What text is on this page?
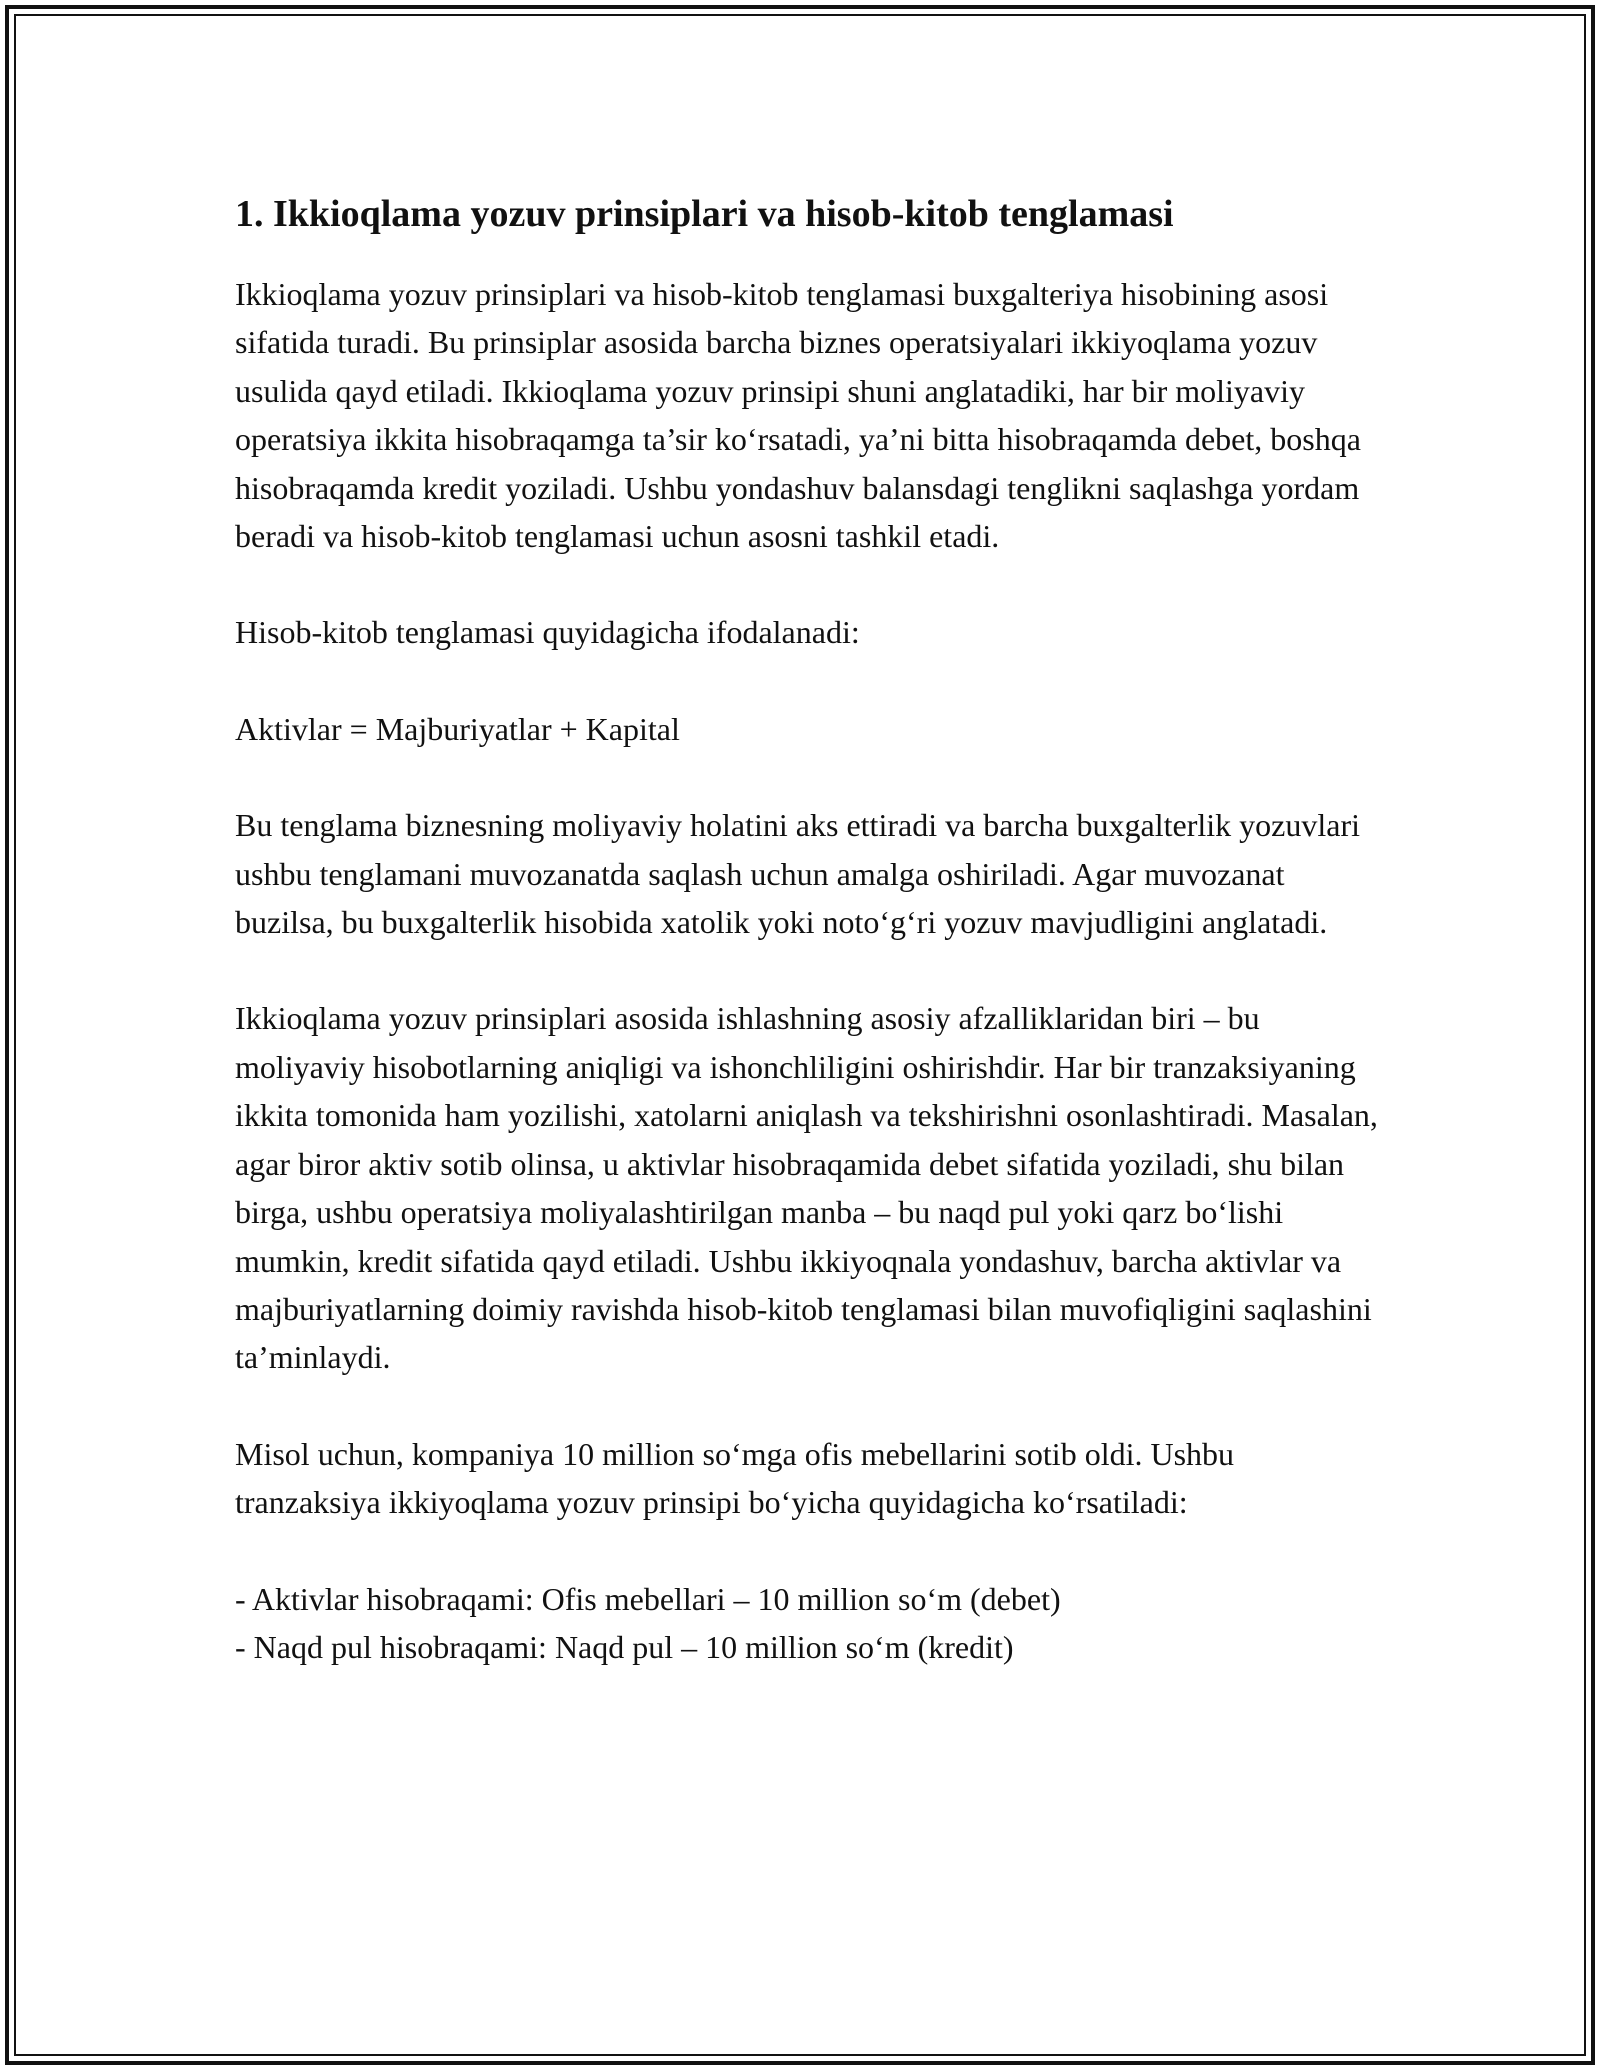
1. Ikkioqlama yozuv prinsiplari va hisob-kitob tenglamasi

Ikkioqlama yozuv prinsiplari va hisob-kitob tenglamasi buxgalteriya hisobining asosi sifatida turadi. Bu prinsiplar asosida barcha biznes operatsiyalari ikkiyoqlama yozuv usulida qayd etiladi. Ikkioqlama yozuv prinsipi shuni anglatadiki, har bir moliyaviy operatsiya ikkita hisobraqamga ta’sir ko‘rsatadi, ya’ni bitta hisobraqamda debet, boshqa hisobraqamda kredit yoziladi. Ushbu yondashuv balansdagi tenglikni saqlashga yordam beradi va hisob-kitob tenglamasi uchun asosni tashkil etadi.

Hisob-kitob tenglamasi quyidagicha ifodalanadi:

Aktivlar = Majburiyatlar + Kapital

Bu tenglama biznesning moliyaviy holatini aks ettiradi va barcha buxgalterlik yozuvlari ushbu tenglamani muvozanatda saqlash uchun amalga oshiriladi. Agar muvozanat buzilsa, bu buxgalterlik hisobida xatolik yoki noto‘g‘ri yozuv mavjudligini anglatadi.

Ikkioqlama yozuv prinsiplari asosida ishlashning asosiy afzalliklaridan biri – bu moliyaviy hisobotlarning aniqligi va ishonchliligini oshirishdir. Har bir tranzaksiyaning ikkita tomonida ham yozilishi, xatolarni aniqlash va tekshirishni osonlashtiradi. Masalan, agar biror aktiv sotib olinsa, u aktivlar hisobraqamida debet sifatida yoziladi, shu bilan birga, ushbu operatsiya moliyalashtirilgan manba – bu naqd pul yoki qarz bo‘lishi mumkin, kredit sifatida qayd etiladi. Ushbu ikkiyoqnala yondashuv, barcha aktivlar va majburiyatlarning doimiy ravishda hisob-kitob tenglamasi bilan muvofiqligini saqlashini ta’minlaydi.

Misol uchun, kompaniya 10 million so‘mga ofis mebellarini sotib oldi. Ushbu tranzaksiya ikkiyoqlama yozuv prinsipi bo‘yicha quyidagicha ko‘rsatiladi:

- Aktivlar hisobraqami: Ofis mebellari – 10 million so‘m (debet)

- Naqd pul hisobraqami: Naqd pul – 10 million so‘m (kredit)
